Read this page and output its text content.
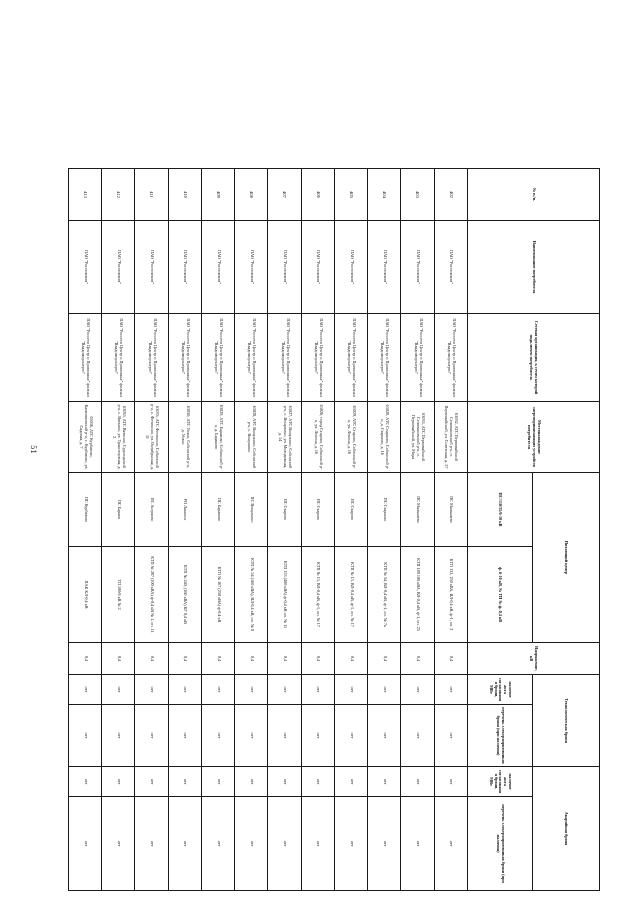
51
№ п./п.	Наименование потребителя	Сетевая организация, к сетям которой подключен потребитель	Местонахождение энергопринимающих устройств потребителя	Питающий центр		Напряжение, кВ	Технологическая броня		Аварийная броня	
				ПС/110/35/6-10 кВ	ф. 6-10 кВ, № ТП № ф. 0,4 кВ					
							наличие акта согласования брони, МВт	перечень электроприемников брони (при наличии)	наличие акта согласования брони, МВт	перечень электроприемников брони (при наличии)
402	ПАО "Ростелеком"	ПАО "Россети Центр и Приволжье" филиал "Владимирэнерго"	63032, АТС Первомайский Селивановский р-н, п. Первомайский, ул. Советская, д. 37	ПС Малышево	КТП 133, 250 кВА, ВЛ-0,4 кВ, ф-1, оп. 2	0,4	нет	нет	нет	нет
403	ПАО "Ростелеком"	ПАО "Россети Центр и Приволжье" филиал "Владимирэнерго"	63033, АТС Первомайский Селивановский р-н, п. Первомайский, ул. Мира	ПС Малышево	КТП 189 100 кВА, ВЛ-0,4 кВ, ф-1, оп. 25	0,4	нет	нет	нет	нет
404	ПАО "Ростелеком"	ПАО "Россети Центр и Приволжье" филиал "Владимирэнерго"	63028, АТС Старково, Собинский р-н, д. Старково, д. 16	ПС Старково	КТП № 34, ВЛ-0,4 кВ, ф-1, оп. № 7а	0,4	нет	нет	нет	нет
405	ПАО "Ростелеком"	ПАО "Россети Центр и Приволжье" филиал "Владимирэнерго"	63029, АТС Старово, Собинский р-н, ул. Ленина, д. 16	ПС Старово	КТП № 13, ВЛ-0,4 кВ, ф-1, оп. № 17	0,4	нет	нет	нет	нет
406	ПАО "Ростелеком"	ПАО "Россети Центр и Приволжье" филиал "Владимирэнерго"	63026, город Старово, Собинский р-н, ул. Ленина, д. 16	ПС Старово	КТП № 13, ВЛ-0,4 кВ, ф-1, оп. № 17	0,4	нет	нет	нет	нет
407	ПАО "Ростелеком"	ПАО "Россети Центр и Приволжье" филиал "Владимирэнерго"	63027, АТС Вощихино, Собинский р-н, с. Вощихино, ул. Молодежная, д. 14	ПС Старово	КТП 153 (400 кВА) ф-0,4 кВ оп. № 11	0,4	нет	нет	нет	нет
408	ПАО "Ростелеком"	ПАО "Россети Центр и Приволжье" филиал "Владимирэнерго"	63028, АТС Вощихино, Собинский р-н, с. Вощихино	ПС Вощихино	КТП № 54 (160 кВА), ВЛ-0,4 кВ, оп. № 8	0,4	нет	нет	нет	нет
409	ПАО "Ростелеком"	ПАО "Россети Центр и Приволжье" филиал "Владимирэнерго"	63029, АТС Бараково, Собинский р-н, д. Бараково	ПС Бараково	КТП № 167 (250 кВА) ф-0,4 кВ	0,4	нет	нет	нет	нет
410	ПАО "Ростелеком"	ПАО "Россети Центр и Приволжье" филиал "Владимирэнерго"	63030, АТС Уольи, Собинский р-н, д. Уольи	РП Лакинск	КТП № 240, (160 кВА) КГ 0,4 кВ	0,4	нет	нет	нет	нет
411	ПАО "Ростелеком"	ПАО "Россети Центр и Приволжье" филиал "Владимирэнерго"	63033, АТС Фетинино, Собинский р-н, с. Фетинино, ул. Октябрьская, д. 11	ПС Асерхово	КТП № 287 (100 кВА) ф-0,4 кВ № 1, оп. 11	0,4	нет	нет	нет	нет
412	ПАО "Ростелеком"	ПАО "Россети Центр и Приволжье" филиал "Владимирэнерго"	63035, АТС Вяткино, Судогодский р-н, с. Вяткино, ул. Транспортная, д. 2	ПС Бараки	ТП 100/6 кВ № 2	0,4	нет	нет	нет	нет
413	ПАО "Ростелеком"	ПАО "Россети Центр и Приволжье" филиал "Владимирэнерго"	63036, АТС Курбатово, Камешковский р-н, с. Курбатово, ул. Садовая, д. 7	ПС Курбатово	ПАК КЛ-0,4 кВ	0,4	нет	нет	нет	нет
